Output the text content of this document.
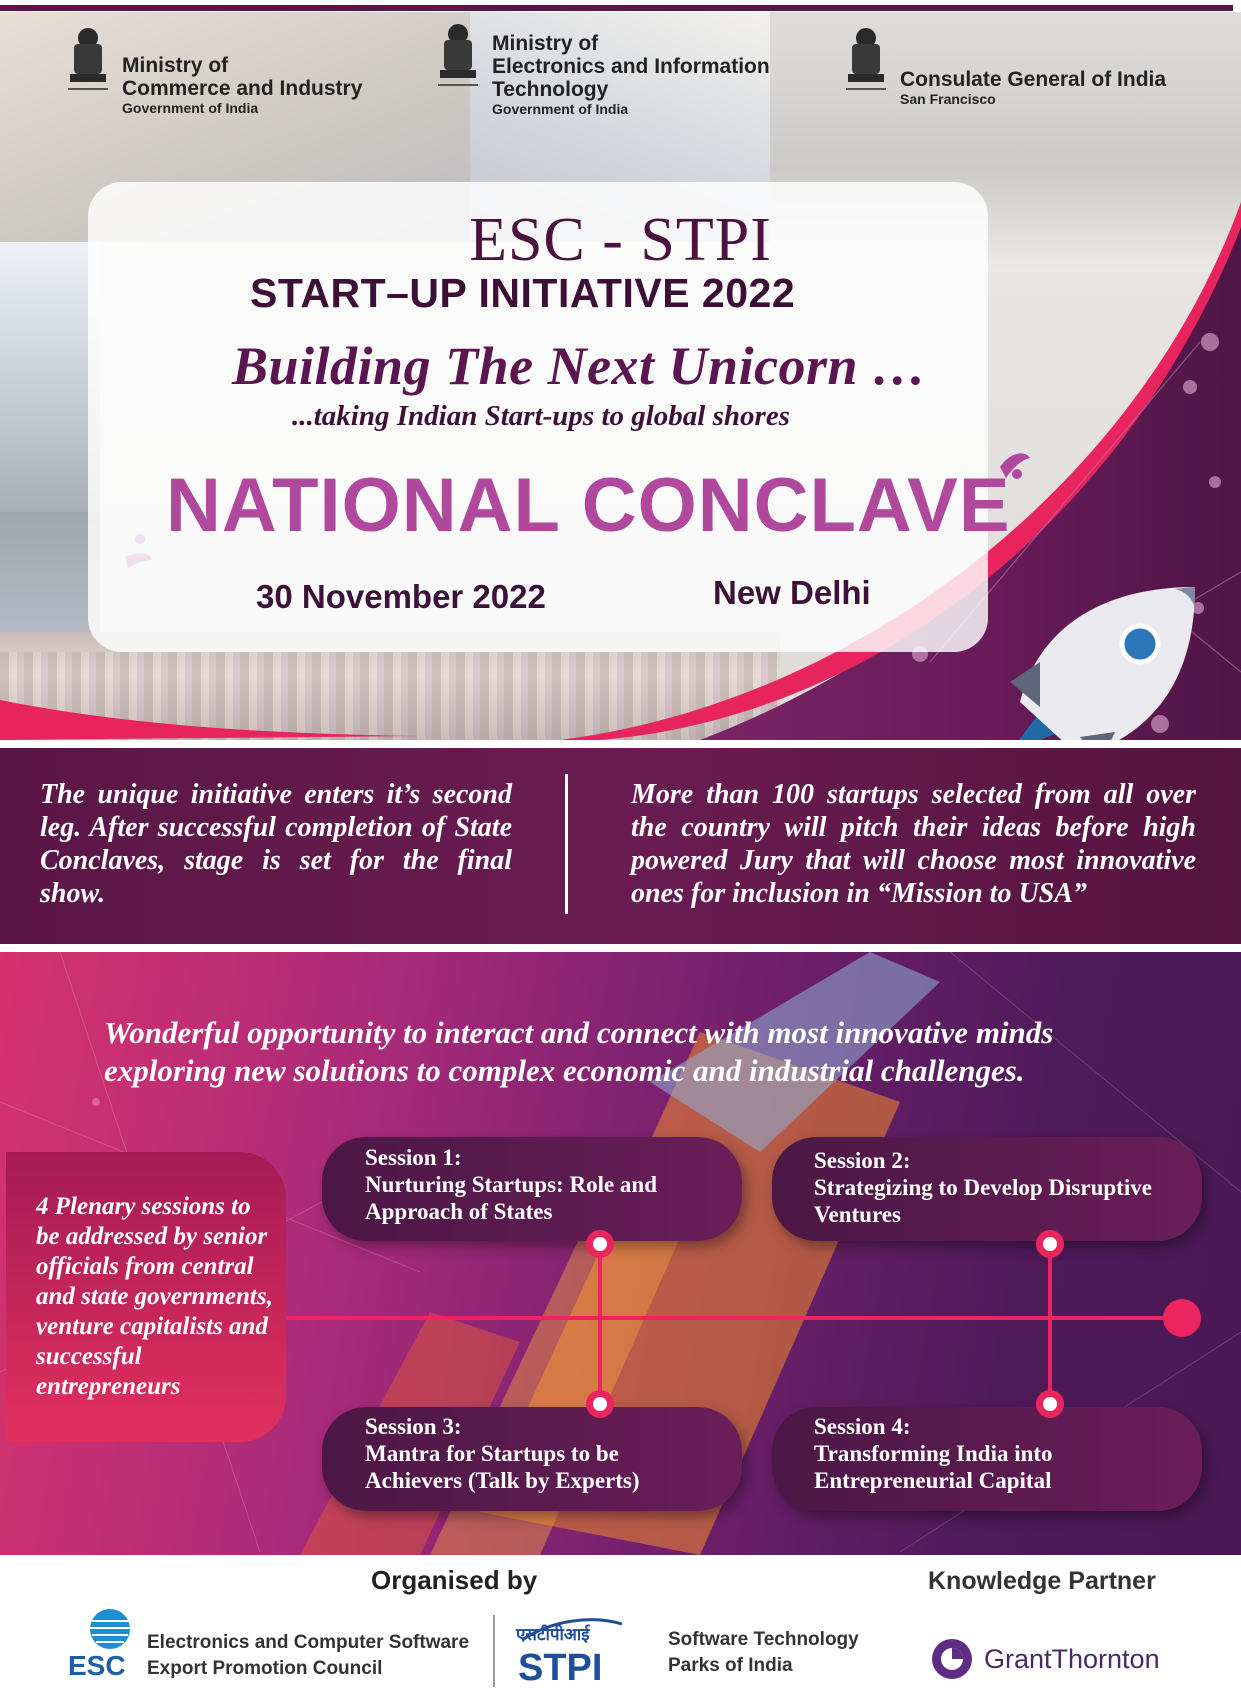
Ministry of
Commerce and Industry
Government of India
Ministry of
Electronics and Information
Technology
Government of India
Consulate General of India
San Francisco
ESC - STPI
START–UP INITIATIVE 2022
Building The Next Unicorn …
...taking Indian Start-ups to global shores
NATIONAL CONCLAVE
30 November 2022	New Delhi
The unique initiative enters it’s second leg. After successful completion of State Conclaves, stage is set for the final show.
More than 100 startups selected from all over the country will pitch their ideas before high powered Jury that will choose most innovative ones for inclusion in “Mission to USA”
Wonderful opportunity to interact and connect with most innovative minds
exploring new solutions to complex economic and industrial challenges.
4 Plenary sessions to be addressed by senior officials from central and state governments, venture capitalists and successful entrepreneurs
Session 1:
Nurturing Startups: Role and
Approach of States
Session 2:
Strategizing to Develop Disruptive
Ventures
Session 3:
Mantra for Startups to be
Achievers (Talk by Experts)
Session 4:
Transforming India into
Entrepreneurial Capital
Organised by	Knowledge Partner
ESC
Electronics and Computer Software
Export Promotion Council
एसटीपीआई
STPI
Software Technology
Parks of India	GrantThornton
